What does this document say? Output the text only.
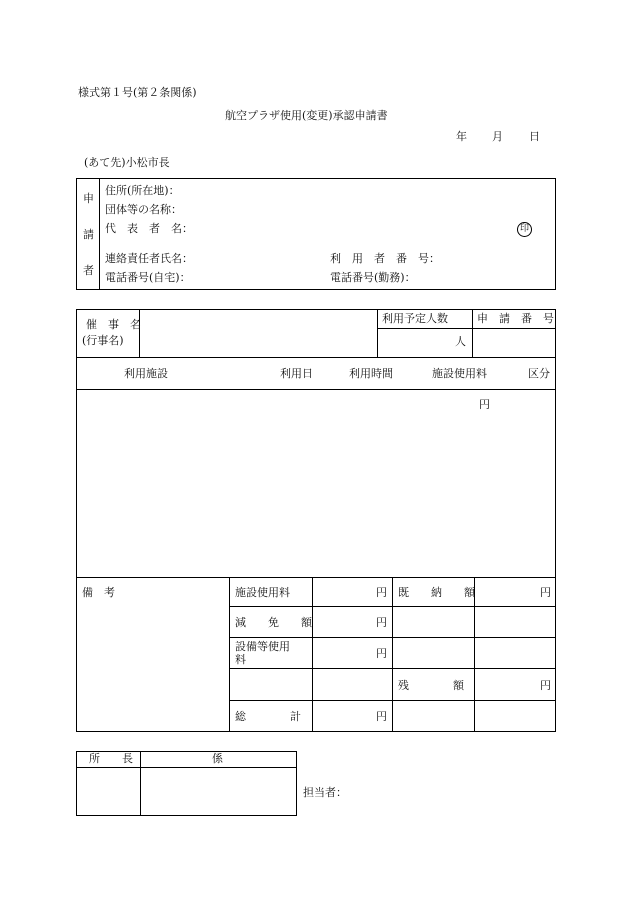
様式第１号(第２条関係)
航空プラザ使用(変更)承認申請書
年 月 日
(あて先)小松市長
申
請
者
住所(所在地)：
団体等の名称：
代　表　者　名：	印
連絡責任者氏名：	利　用　者　番　号：
電話番号(自宅)：	電話番号(勤務)：
催　事　名
(行事名)
利用予定人数	申　請　番　号
人
利用施設	利用日	利用時間	施設使用料	区分
円
備　考	施設使用料	円 既　　納　　額	円
減　　免　　額	円
設備等使用
料	円
残　　　　額	円
総　　　　計	円
所　　長	係
担当者：
